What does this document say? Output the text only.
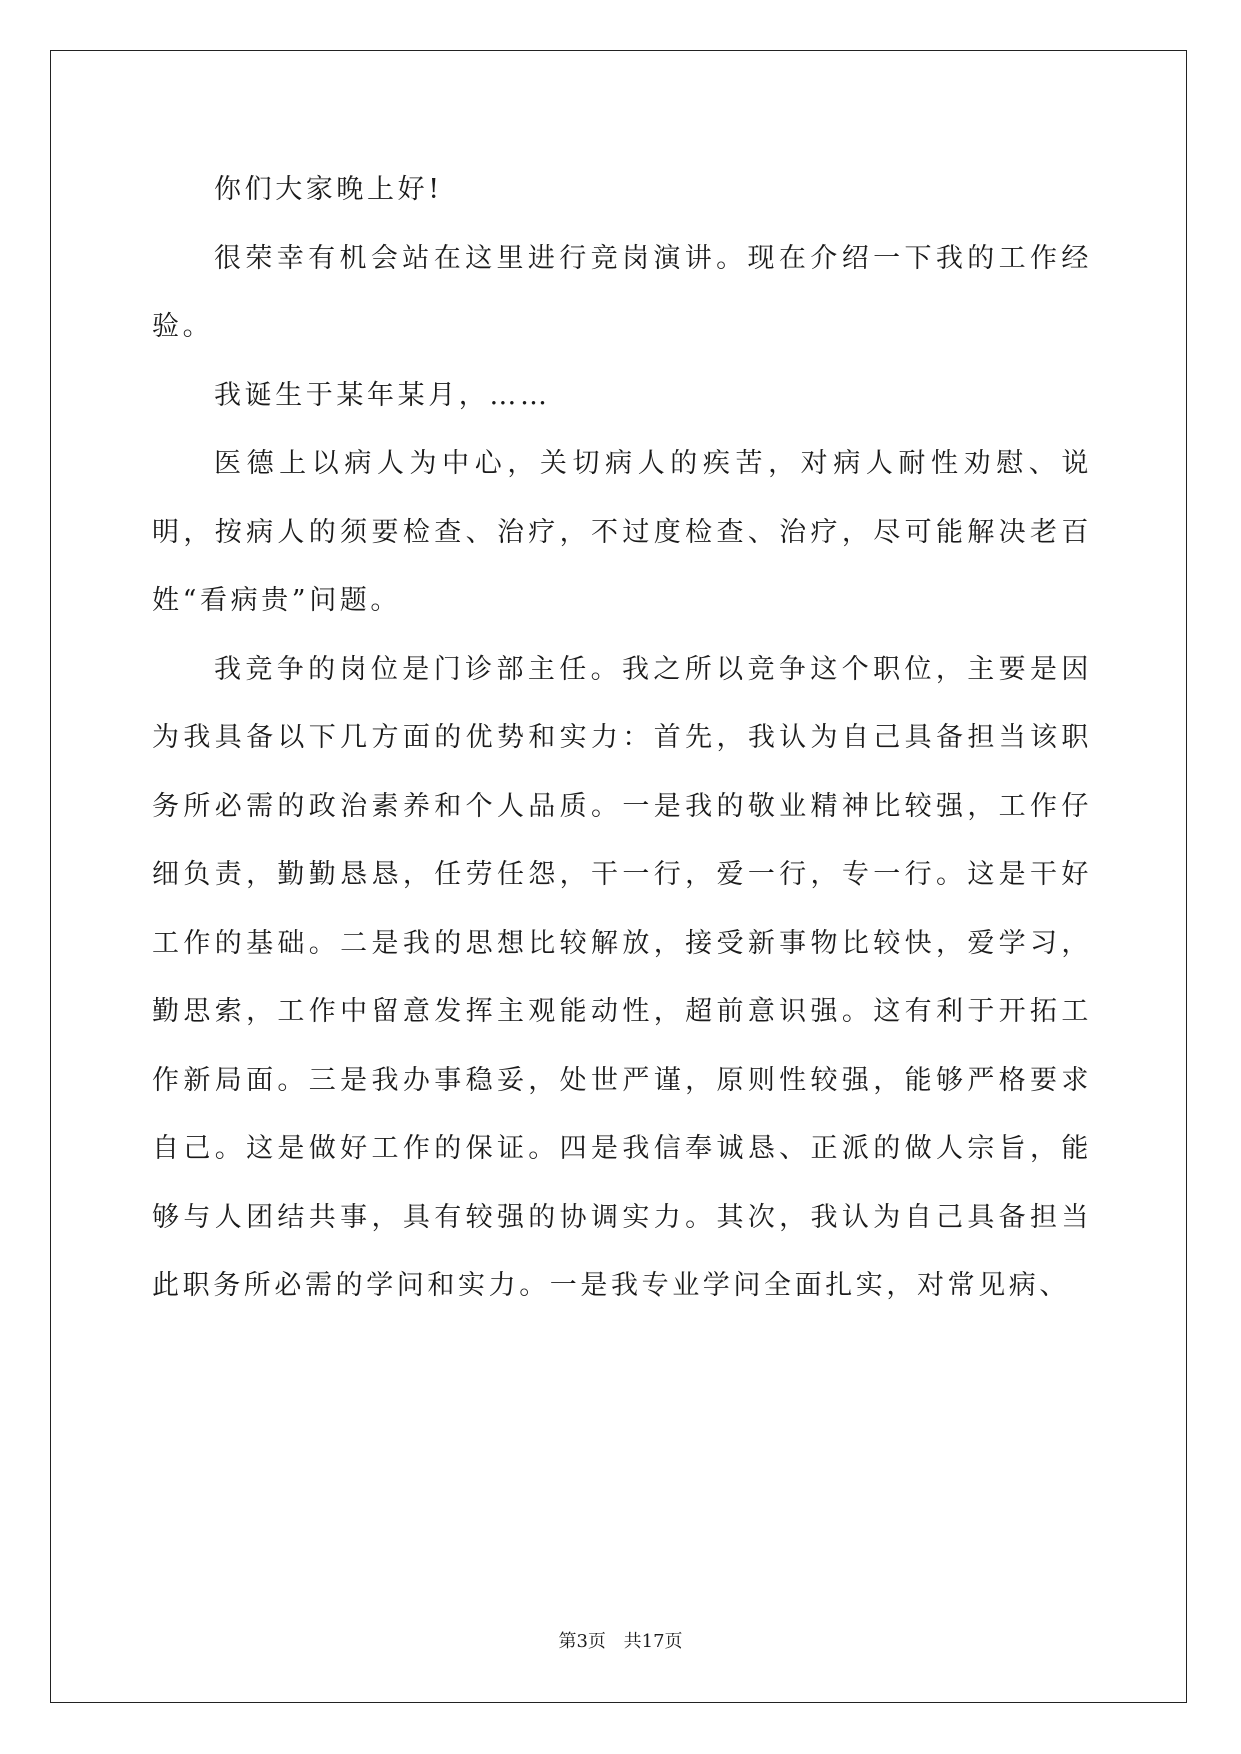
你们大家晚上好!

很荣幸有机会站在这里进行竞岗演讲。现在介绍一下我的工作经验。

我诞生于某年某月，……

医德上以病人为中心，关切病人的疾苦，对病人耐性劝慰、说明，按病人的须要检查、治疗，不过度检查、治疗，尽可能解决老百姓“看病贵”问题。

我竞争的岗位是门诊部主任。我之所以竞争这个职位，主要是因为我具备以下几方面的优势和实力：首先，我认为自己具备担当该职务所必需的政治素养和个人品质。一是我的敬业精神比较强，工作仔细负责，勤勤恳恳，任劳任怨，干一行，爱一行，专一行。这是干好工作的基础。二是我的思想比较解放，接受新事物比较快，爱学习，勤思索，工作中留意发挥主观能动性，超前意识强。这有利于开拓工作新局面。三是我办事稳妥，处世严谨，原则性较强，能够严格要求自己。这是做好工作的保证。四是我信奉诚恳、正派的做人宗旨，能够与人团结共事，具有较强的协调实力。其次，我认为自己具备担当此职务所必需的学问和实力。一是我专业学问全面扎实，对常见病、

第3页 共17页
